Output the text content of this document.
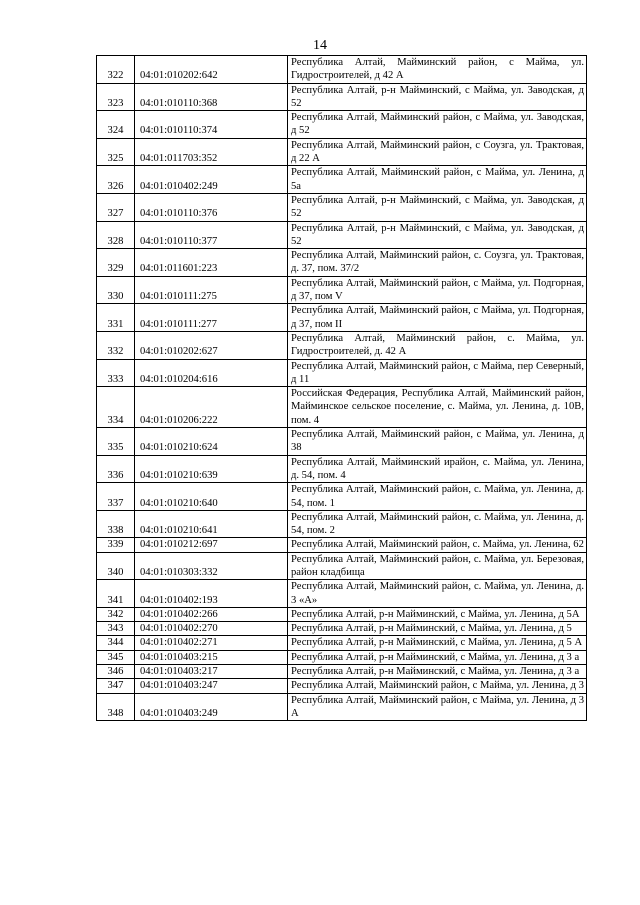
14
322	04:01:010202:642	Республика Алтай, Майминский район, с Майма, ул. Гидростроителей, д 42 А
323	04:01:010110:368	Республика Алтай, р-н Майминский, с Майма, ул. Заводская, д 52
324	04:01:010110:374	Республика Алтай, Майминский район, с Майма, ул. Заводская, д 52
325	04:01:011703:352	Республика Алтай, Майминский район, с Соузга, ул. Трактовая, д 22 А
326	04:01:010402:249	Республика Алтай, Майминский район, с Майма, ул. Ленина, д 5а
327	04:01:010110:376	Республика Алтай, р-н Майминский, с Майма, ул. Заводская, д 52
328	04:01:010110:377	Республика Алтай, р-н Майминский, с Майма, ул. Заводская, д 52
329	04:01:011601:223	Республика Алтай, Майминский район, с. Соузга, ул. Трактовая, д. 37, пом. 37/2
330	04:01:010111:275	Республика Алтай, Майминский район, с Майма, ул. Подгорная, д 37, пом V
331	04:01:010111:277	Республика Алтай, Майминский район, с Майма, ул. Подгорная, д 37, пом II
332	04:01:010202:627	Республика Алтай, Майминский район, с. Майма, ул. Гидростроителей, д. 42 А
333	04:01:010204:616	Республика Алтай, Майминский район, с Майма, пер Северный, д 11
334	04:01:010206:222	Российская Федерация, Республика Алтай, Майминский район, Майминское сельское поселение, с. Майма, ул. Ленина, д. 10В, пом. 4
335	04:01:010210:624	Республика Алтай, Майминский район, с Майма, ул. Ленина, д 38
336	04:01:010210:639	Республика Алтай, Майминский ирайон, с. Майма, ул. Ленина, д. 54, пом. 4
337	04:01:010210:640	Республика Алтай, Майминский район, с. Майма, ул. Ленина, д. 54, пом. 1
338	04:01:010210:641	Республика Алтай, Майминский район, с. Майма, ул. Ленина, д. 54, пом. 2
339	04:01:010212:697	Республика Алтай, Майминский район, с. Майма, ул. Ленина, 62
340	04:01:010303:332	Республика Алтай, Майминский район, с. Майма, ул. Березовая, район кладбища
341	04:01:010402:193	Республика Алтай, Майминский район, с. Майма, ул. Ленина, д. 3 «А»
342	04:01:010402:266	Республика Алтай, р-н Майминский, с Майма, ул. Ленина, д 5А
343	04:01:010402:270	Республика Алтай, р-н Майминский, с Майма, ул. Ленина, д 5
344	04:01:010402:271	Республика Алтай, р-н Майминский, с Майма, ул. Ленина, д 5 А
345	04:01:010403:215	Республика Алтай, р-н Майминский, с Майма, ул. Ленина, д 3 а
346	04:01:010403:217	Республика Алтай, р-н Майминский, с Майма, ул. Ленина, д 3 а
347	04:01:010403:247	Республика Алтай, Майминский район, с Майма, ул. Ленина, д 3
348	04:01:010403:249	Республика Алтай, Майминский район, с Майма, ул. Ленина, д 3 А
